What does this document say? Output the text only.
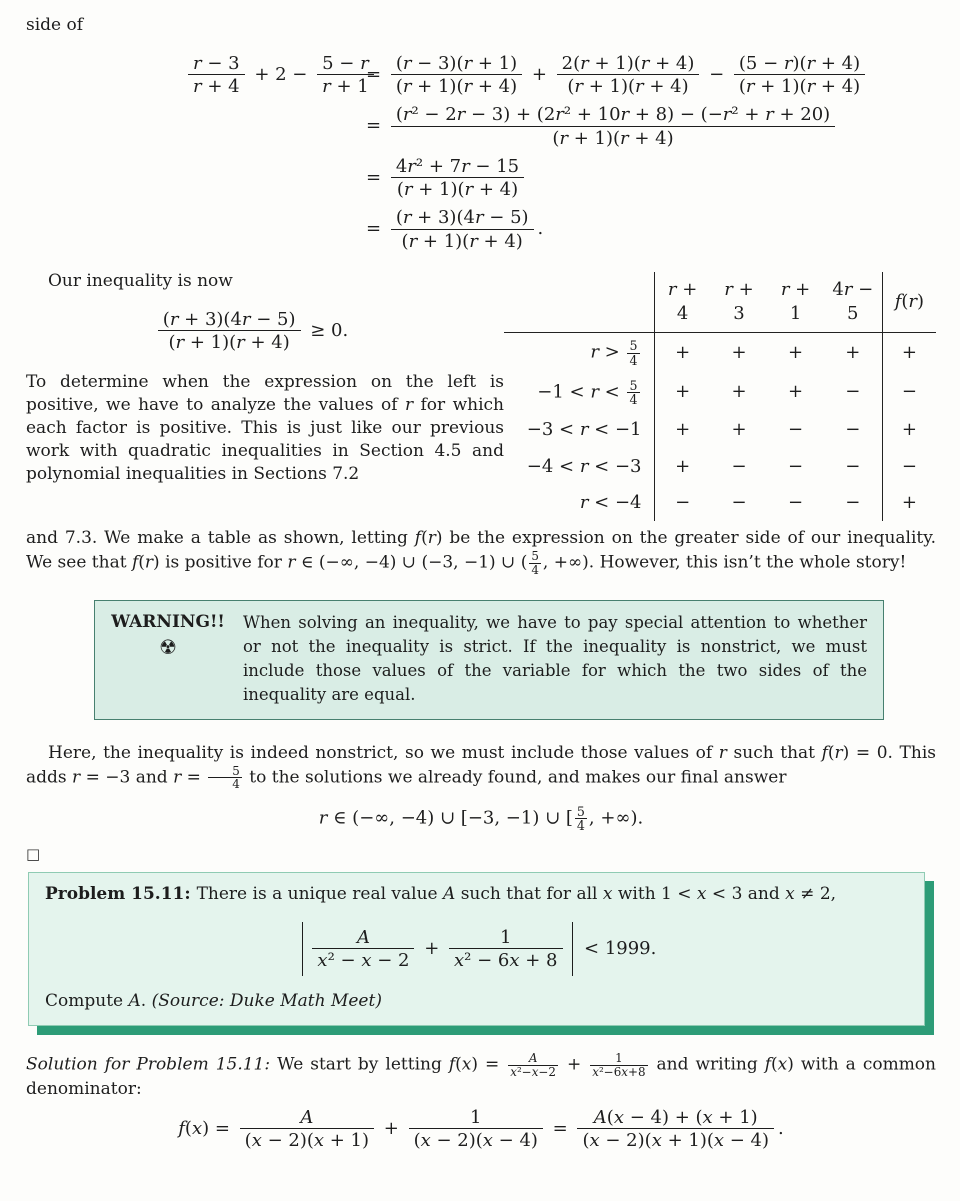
side of

$\frac{r - 3}{r + 4} + 2 - \frac{5 - r}{r + 1}$
= $\frac{(r - 3)(r + 1)}{(r + 1)(r + 4)} + \frac{2(r + 1)(r + 4)}{(r + 1)(r + 4)} - \frac{(5 - r)(r + 4)}{(r + 1)(r + 4)}$
= $\frac{\text{(r² − 2r − 3) + (2r² + 10r + 8) − (−r² + r + 20)}}{(r + 1)(r + 4)}$
= $\frac{\text{4r² + 7r − 15}}{(r + 1)(r + 4)}$
= $\frac{(r + 3)(4r - 5)}{(r + 1)(r + 4)}$ .

Our inequality is now

$\frac{(r + 3)(4r - 5)}{(r + 1)(r + 4)} \ge 0$.

To determine when the expression on the left is positive, we have to analyze the values of r for which each factor is positive. This is just like our previous work with quadratic inequalities in Section 4.5 and polynomial inequalities in Sections 7.2

	r + 4	r + 3	r + 1	4r − 5	f(r)
$r > \frac{5}{4}$	+	+	+	+	+
$-1 < r < \frac{5}{4}$	+	+	+	−	−
−3 < r < −1	+	+	−	−	+
−4 < r < −3	+	−	−	−	−
r < −4	−	−	−	−	+

and 7.3. We make a table as shown, letting f(r) be the expression on the greater side of our inequality. We see that f(r) is positive for r ∈ (−∞, −4) ∪ (−3, −1) ∪ ( $\frac{5}{4}$ , +∞). However, this isn’t the whole story!

WARNING!!
☢
When solving an inequality, we have to pay special attention to whether or not the inequality is strict. If the inequality is nonstrict, we must include those values of the variable for which the two sides of the inequality are equal.

Here, the inequality is indeed nonstrict, so we must include those values of r such that f(r) = 0. This adds r = −3 and $r = \frac{5}{4}$ to the solutions we already found, and makes our final answer

r ∈ (−∞, −4) ∪ [−3, −1) ∪ [ $\frac{5}{4}$ , +∞).
□

Problem 15.11: There is a unique real value A such that for all x with 1 < x < 3 and x ≠ 2,

$\frac{A}{\text{x² − x − 2}} + \frac{1}{\text{x² − 6x + 8}} < 1999$.

Compute A. (Source: Duke Math Meet)

Solution for Problem 15.11: We start by letting $f(x) = \frac{A}{\text{x²−x−2}} + \frac{1}{\text{x²−6x+8}}$ and writing f(x) with a common denominator:

$f(x) = \frac{A}{(x - 2)(x + 1)} + \frac{1}{(x - 2)(x - 4)} = \frac{A(x - 4) + (x + 1)}{(x - 2)(x + 1)(x - 4)}$ .
